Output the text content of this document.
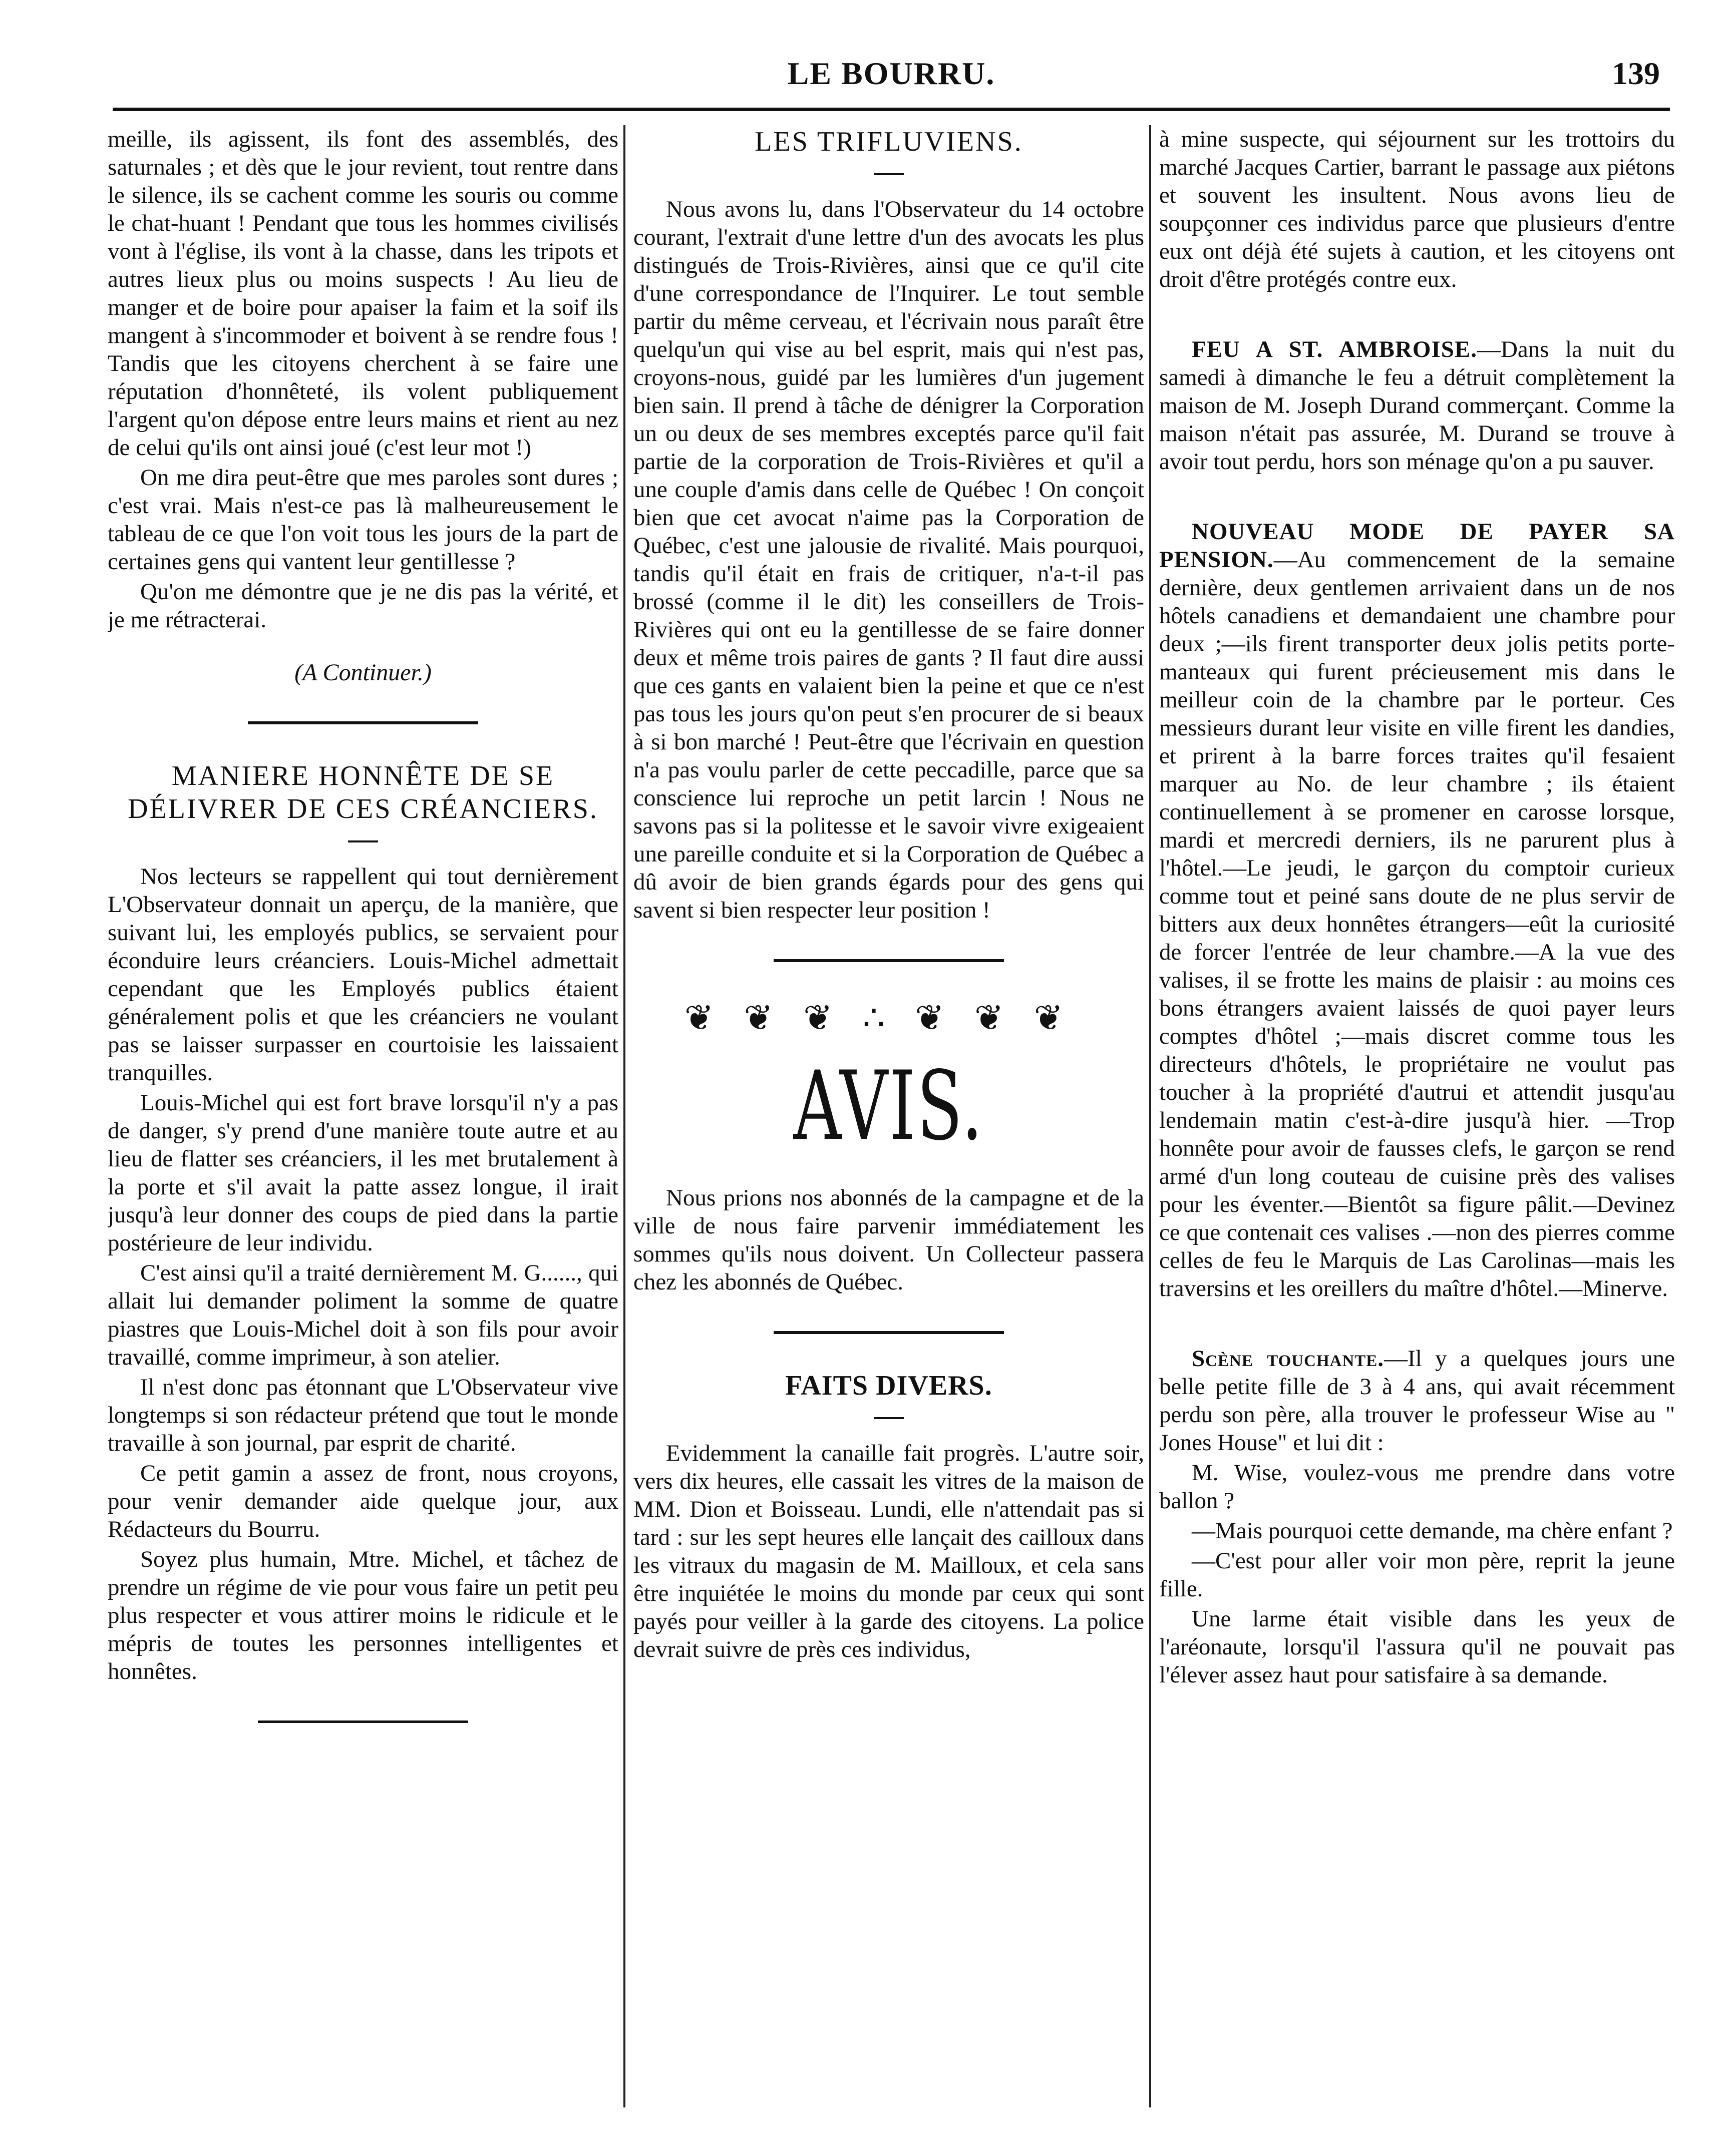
LE BOURRU.	139

meille, ils agissent, ils font des assemblés, des saturnales ; et dès que le jour revient, tout rentre dans le silence, ils se cachent comme les souris ou comme le chat-huant ! Pendant que tous les hommes civilisés vont à l'église, ils vont à la chasse, dans les tripots et autres lieux plus ou moins suspects ! Au lieu de manger et de boire pour apaiser la faim et la soif ils mangent à s'incommoder et boivent à se rendre fous ! Tandis que les citoyens cherchent à se faire une réputation d'honnêteté, ils volent publiquement l'argent qu'on dépose entre leurs mains et rient au nez de celui qu'ils ont ainsi joué (c'est leur mot !)

On me dira peut-être que mes paroles sont dures ; c'est vrai. Mais n'est-ce pas là malheureusement le tableau de ce que l'on voit tous les jours de la part de certaines gens qui vantent leur gentillesse ?

Qu'on me démontre que je ne dis pas la vérité, et je me rétracterai.

(A Continuer.)
MANIERE HONNÊTE DE SE DÉLIVRER DE CES CRÉANCIERS.

Nos lecteurs se rappellent qui tout dernièrement L'Observateur donnait un aperçu, de la manière, que suivant lui, les employés publics, se servaient pour éconduire leurs créanciers. Louis-Michel admettait cependant que les Employés publics étaient généralement polis et que les créanciers ne voulant pas se laisser surpasser en courtoisie les laissaient tranquilles.

Louis-Michel qui est fort brave lorsqu'il n'y a pas de danger, s'y prend d'une manière toute autre et au lieu de flatter ses créanciers, il les met brutalement à la porte et s'il avait la patte assez longue, il irait jusqu'à leur donner des coups de pied dans la partie postérieure de leur individu.

C'est ainsi qu'il a traité dernièrement M. G......, qui allait lui demander poliment la somme de quatre piastres que Louis-Michel doit à son fils pour avoir travaillé, comme imprimeur, à son atelier.

Il n'est donc pas étonnant que L'Observateur vive longtemps si son rédacteur prétend que tout le monde travaille à son journal, par esprit de charité.

Ce petit gamin a assez de front, nous croyons, pour venir demander aide quelque jour, aux Rédacteurs du Bourru.

Soyez plus humain, Mtre. Michel, et tâchez de prendre un régime de vie pour vous faire un petit peu plus respecter et vous attirer moins le ridicule et le mépris de toutes les personnes intelligentes et honnêtes.

LES TRIFLUVIENS.

Nous avons lu, dans l'Observateur du 14 octobre courant, l'extrait d'une lettre d'un des avocats les plus distingués de Trois-Rivières, ainsi que ce qu'il cite d'une correspondance de l'Inquirer. Le tout semble partir du même cerveau, et l'écrivain nous paraît être quelqu'un qui vise au bel esprit, mais qui n'est pas, croyons-nous, guidé par les lumières d'un jugement bien sain. Il prend à tâche de dénigrer la Corporation un ou deux de ses membres exceptés parce qu'il fait partie de la corporation de Trois-Rivières et qu'il a une couple d'amis dans celle de Québec ! On conçoit bien que cet avocat n'aime pas la Corporation de Québec, c'est une jalousie de rivalité. Mais pourquoi, tandis qu'il était en frais de critiquer, n'a-t-il pas brossé (comme il le dit) les conseillers de Trois-Rivières qui ont eu la gentillesse de se faire donner deux et même trois paires de gants ? Il faut dire aussi que ces gants en valaient bien la peine et que ce n'est pas tous les jours qu'on peut s'en procurer de si beaux à si bon marché ! Peut-être que l'écrivain en question n'a pas voulu parler de cette peccadille, parce que sa conscience lui reproche un petit larcin ! Nous ne savons pas si la politesse et le savoir vivre exigeaient une pareille conduite et si la Corporation de Québec a dû avoir de bien grands égards pour des gens qui savent si bien respecter leur position !

❦❦❦∴❦❦❦
AVIS.

Nous prions nos abonnés de la campagne et de la ville de nous faire parvenir immédiatement les sommes qu'ils nous doivent. Un Collecteur passera chez les abonnés de Québec.

FAITS DIVERS.

Evidemment la canaille fait progrès. L'autre soir, vers dix heures, elle cassait les vitres de la maison de MM. Dion et Boisseau. Lundi, elle n'attendait pas si tard : sur les sept heures elle lançait des cailloux dans les vitraux du magasin de M. Mailloux, et cela sans être inquiétée le moins du monde par ceux qui sont payés pour veiller à la garde des citoyens. La police devrait suivre de près ces individus,

à mine suspecte, qui séjournent sur les trottoirs du marché Jacques Cartier, barrant le passage aux piétons et souvent les insultent. Nous avons lieu de soupçonner ces individus parce que plusieurs d'entre eux ont déjà été sujets à caution, et les citoyens ont droit d'être protégés contre eux.

FEU A ST. AMBROISE.—Dans la nuit du samedi à dimanche le feu a détruit complètement la maison de M. Joseph Durand commerçant. Comme la maison n'était pas assurée, M. Durand se trouve à avoir tout perdu, hors son ménage qu'on a pu sauver.

NOUVEAU MODE DE PAYER SA PENSION.—Au commencement de la semaine dernière, deux gentlemen arrivaient dans un de nos hôtels canadiens et demandaient une chambre pour deux ;—ils firent transporter deux jolis petits porte-manteaux qui furent précieusement mis dans le meilleur coin de la chambre par le porteur. Ces messieurs durant leur visite en ville firent les dandies, et prirent à la barre forces traites qu'il fesaient marquer au No. de leur chambre ; ils étaient continuellement à se promener en carosse lorsque, mardi et mercredi derniers, ils ne parurent plus à l'hôtel.—Le jeudi, le garçon du comptoir curieux comme tout et peiné sans doute de ne plus servir de bitters aux deux honnêtes étrangers—eût la curiosité de forcer l'entrée de leur chambre.—A la vue des valises, il se frotte les mains de plaisir : au moins ces bons étrangers avaient laissés de quoi payer leurs comptes d'hôtel ;—mais discret comme tous les directeurs d'hôtels, le propriétaire ne voulut pas toucher à la propriété d'autrui et attendit jusqu'au lendemain matin c'est-à-dire jusqu'à hier. —Trop honnête pour avoir de fausses clefs, le garçon se rend armé d'un long couteau de cuisine près des valises pour les éventer.—Bientôt sa figure pâlit.—Devinez ce que contenait ces valises .—non des pierres comme celles de feu le Marquis de Las Carolinas—mais les traversins et les oreillers du maître d'hôtel.—Minerve.

Scène touchante.—Il y a quelques jours une belle petite fille de 3 à 4 ans, qui avait récemment perdu son père, alla trouver le professeur Wise au " Jones House" et lui dit :

M. Wise, voulez-vous me prendre dans votre ballon ?

—Mais pourquoi cette demande, ma chère enfant ?

—C'est pour aller voir mon père, reprit la jeune fille.

Une larme était visible dans les yeux de l'aréonaute, lorsqu'il l'assura qu'il ne pouvait pas l'élever assez haut pour satisfaire à sa demande.
